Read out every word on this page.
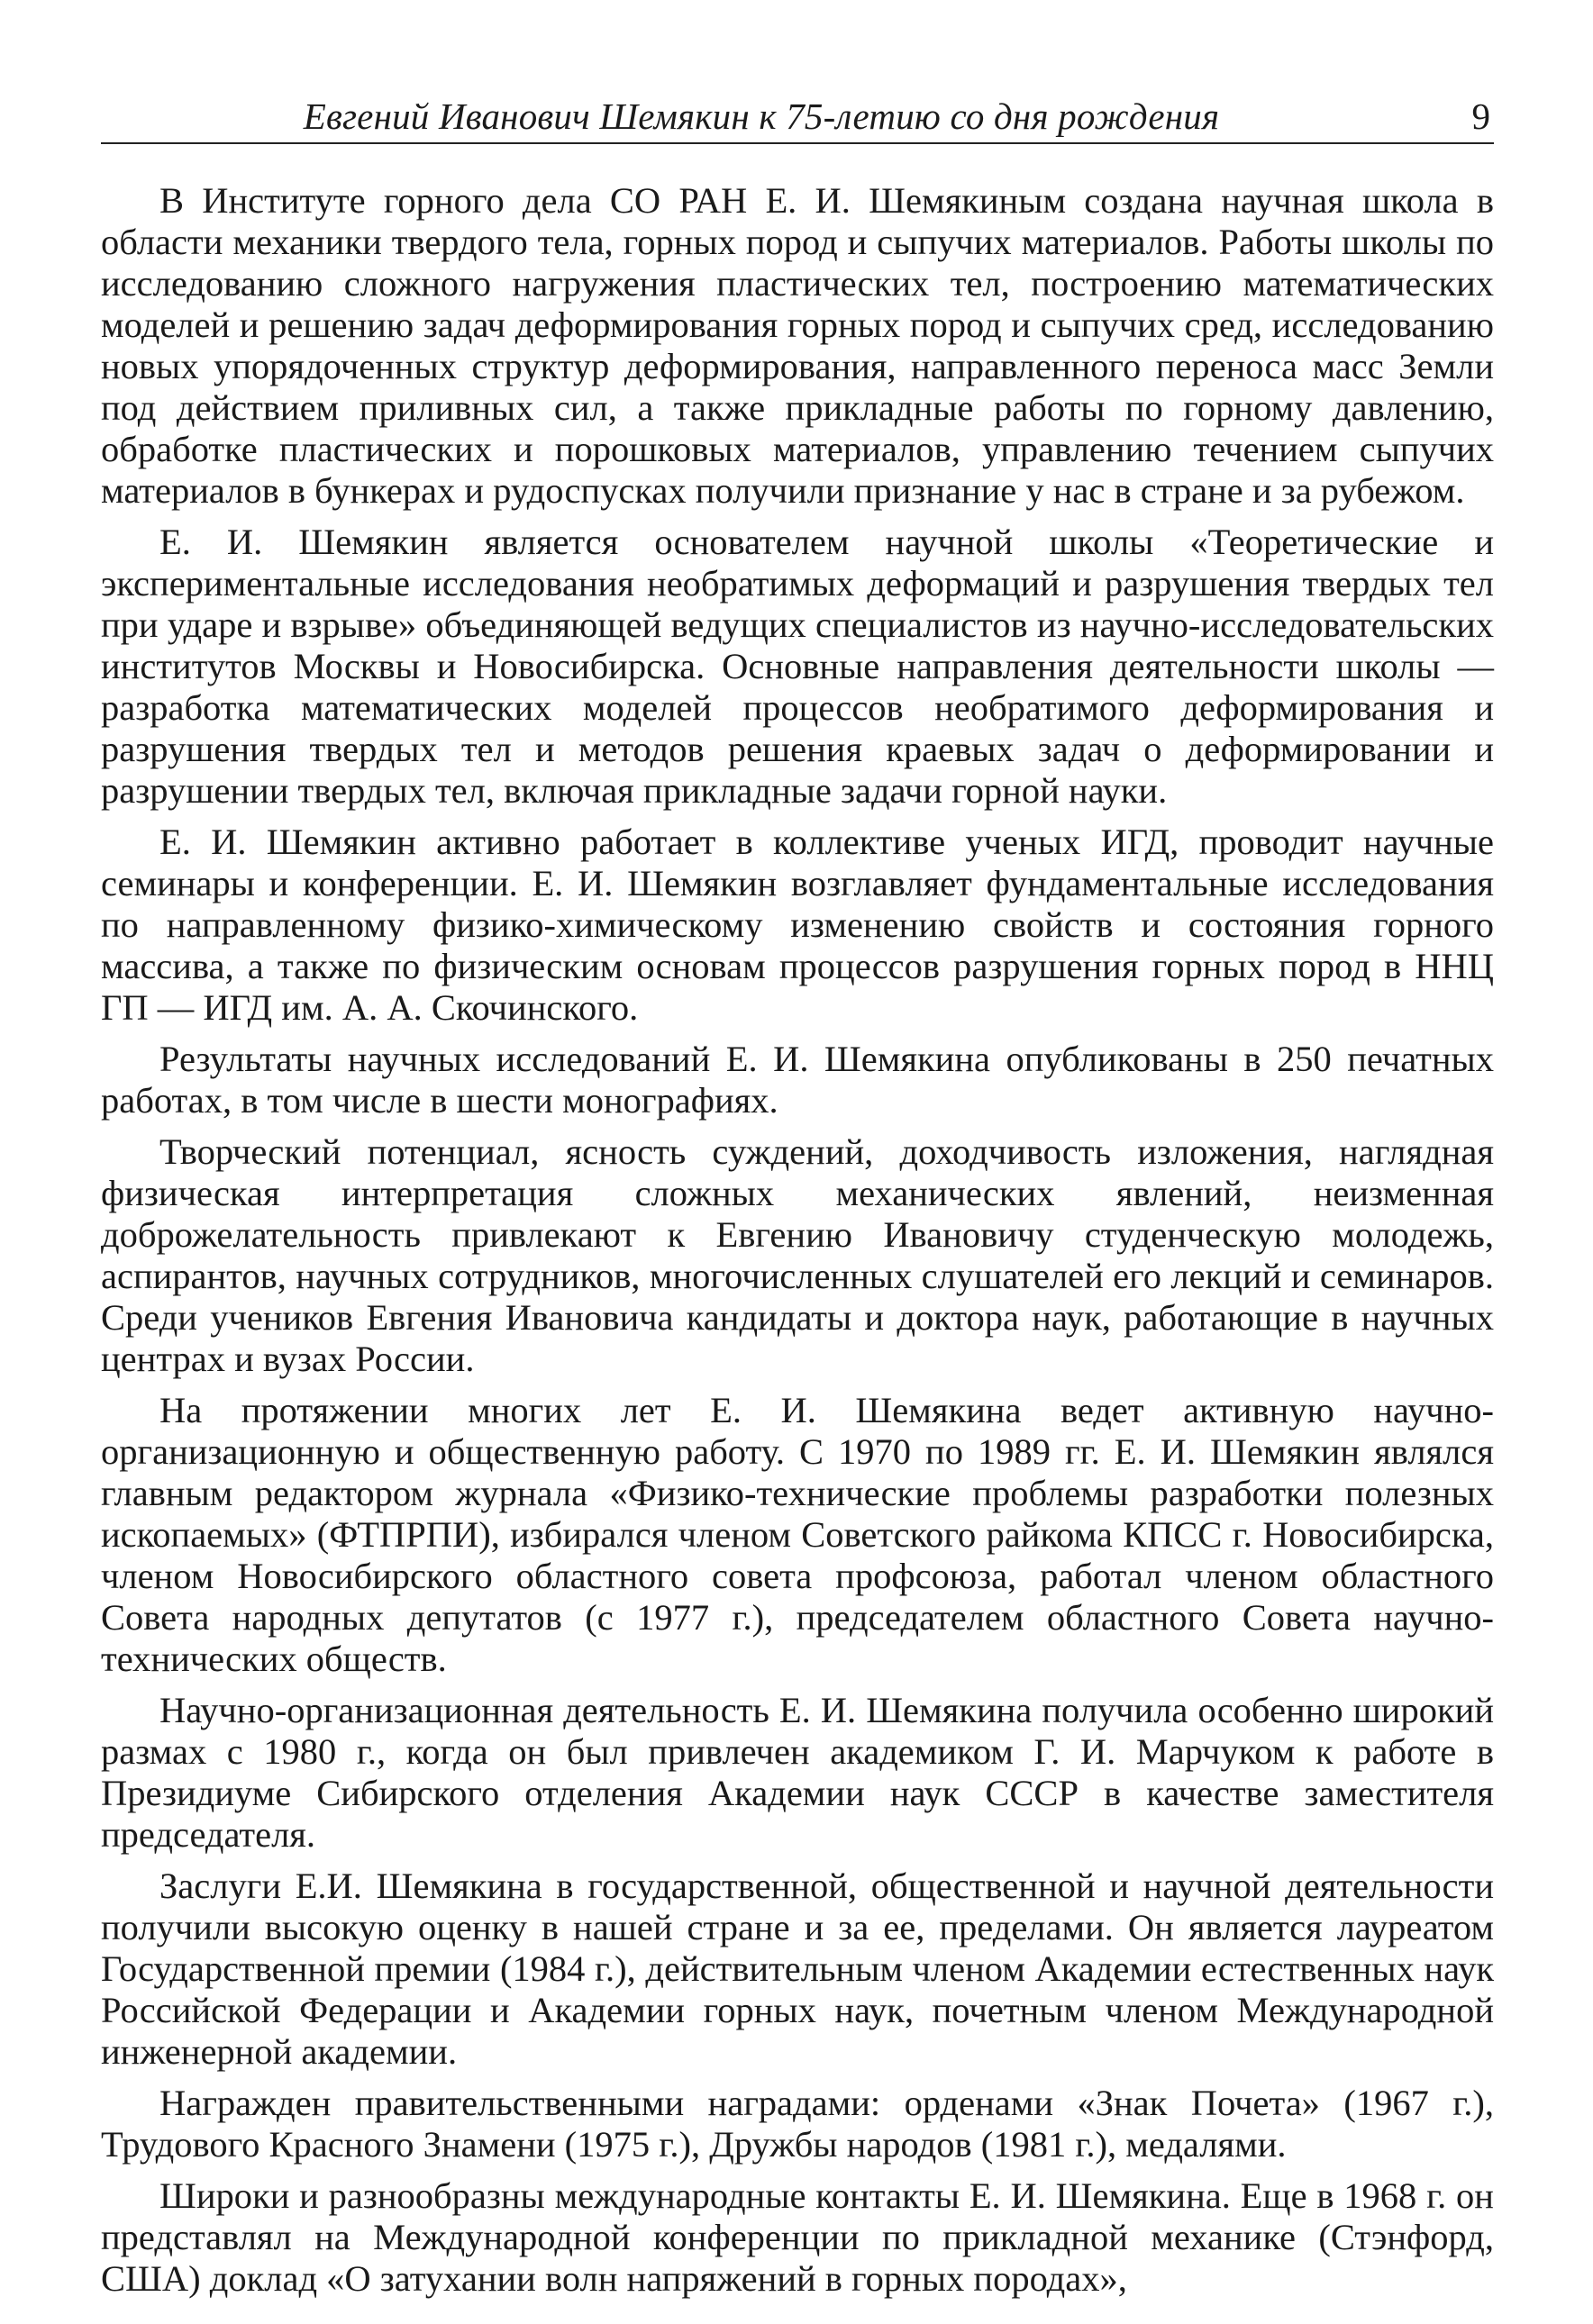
Евгений Иванович Шемякин к 75-летию со дня рождения	9

В Институте горного дела СО РАН Е. И. Шемякиным создана научная школа в области механики твердого тела, горных пород и сыпучих материалов. Работы школы по исследованию сложного нагружения пластических тел, построению математических моделей и решению задач деформирования горных пород и сыпучих сред, исследованию новых упорядоченных структур деформирования, направленного переноса масс Земли под действием приливных сил, а также прикладные работы по горному давлению, обработке пластических и порошковых материалов, управлению течением сыпучих материалов в бункерах и рудоспусках получили признание у нас в стране и за рубежом.

Е. И. Шемякин является основателем научной школы «Теоретические и экспериментальные исследования необратимых деформаций и разрушения твердых тел при ударе и взрыве» объединяющей ведущих специалистов из научно-исследовательских институтов Москвы и Новосибирска. Основные направления деятельности школы — разработка математических моделей процессов необратимого деформирования и разрушения твердых тел и методов решения краевых задач о деформировании и разрушении твердых тел, включая прикладные задачи горной науки.

Е. И. Шемякин активно работает в коллективе ученых ИГД, проводит научные семинары и конференции. Е. И. Шемякин возглавляет фундаментальные исследования по направленному физико-химическому изменению свойств и состояния горного массива, а также по физическим основам процессов разрушения горных пород в ННЦ ГП — ИГД им. А. А. Скочинского.

Результаты научных исследований Е. И. Шемякина опубликованы в 250 печатных работах, в том числе в шести монографиях.

Творческий потенциал, ясность суждений, доходчивость изложения, наглядная физическая интерпретация сложных механических явлений, неизменная доброжелательность привлекают к Евгению Ивановичу студенческую молодежь, аспирантов, научных сотрудников, многочисленных слушателей его лекций и семинаров. Среди учеников Евгения Ивановича кандидаты и доктора наук, работающие в научных центрах и вузах России.

На протяжении многих лет Е. И. Шемякина ведет активную научно-организационную и общественную работу. С 1970 по 1989 гг. Е. И. Шемякин являлся главным редактором журнала «Физико-технические проблемы разработки полезных ископаемых» (ФТПРПИ), избирался членом Советского райкома КПСС г. Новосибирска, членом Новосибирского областного совета профсоюза, работал членом областного Совета народных депутатов (с 1977 г.), председателем областного Совета научно-технических обществ.

Научно-организационная деятельность Е. И. Шемякина получила особенно широкий размах с 1980 г., когда он был привлечен академиком Г. И. Марчуком к работе в Президиуме Сибирского отделения Академии наук СССР в качестве заместителя председателя.

Заслуги Е.И. Шемякина в государственной, общественной и научной деятельности получили высокую оценку в нашей стране и за ее, пределами. Он является лауреатом Государственной премии (1984 г.), действительным членом Академии естественных наук Российской Федерации и Академии горных наук, почетным членом Международной инженерной академии.

Награжден правительственными наградами: орденами «Знак Почета» (1967 г.), Трудового Красного Знамени (1975 г.), Дружбы народов (1981 г.), медалями.

Широки и разнообразны международные контакты Е. И. Шемякина. Еще в 1968 г. он представлял на Международной конференции по прикладной механике (Стэнфорд, США) доклад «О затухании волн напряжений в горных породах»,
